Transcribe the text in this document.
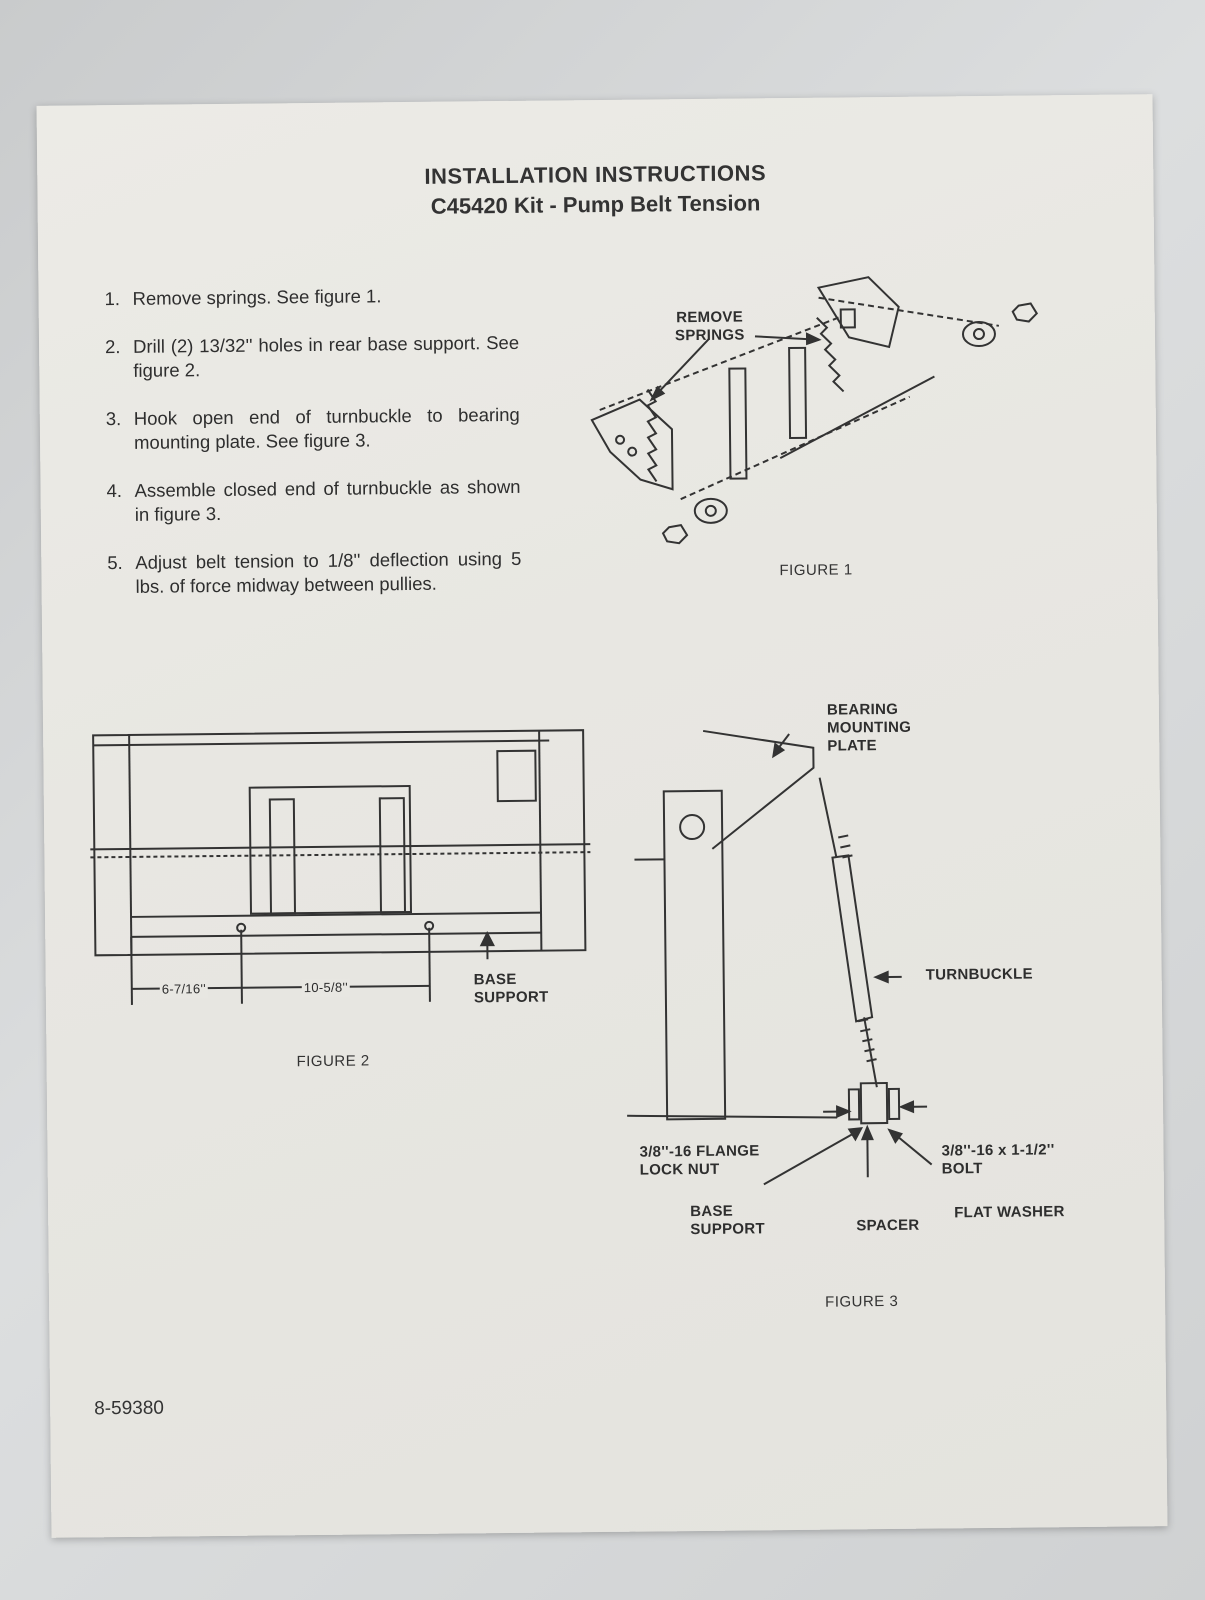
INSTALLATION INSTRUCTIONS
C45420 Kit - Pump Belt Tension
1. Remove springs. See figure 1.
2. Drill (2) 13/32'' holes in rear base support. See figure 2.
3. Hook open end of turnbuckle to bearing mounting plate. See figure 3.
4. Assemble closed end of turnbuckle as shown in figure 3.
5. Adjust belt tension to 1/8'' deflection using 5 lbs. of force midway between pullies.
REMOVE
SPRINGS
FIGURE 1
6-7/16''	10-5/8''	BASE
SUPPORT
FIGURE 2
BEARING
MOUNTING
PLATE
TURNBUCKLE
3/8''-16 FLANGE
LOCK NUT
3/8''-16 x 1-1/2''
BOLT
BASE
SUPPORT	SPACER
FLAT WASHER
FIGURE 3
8-59380
